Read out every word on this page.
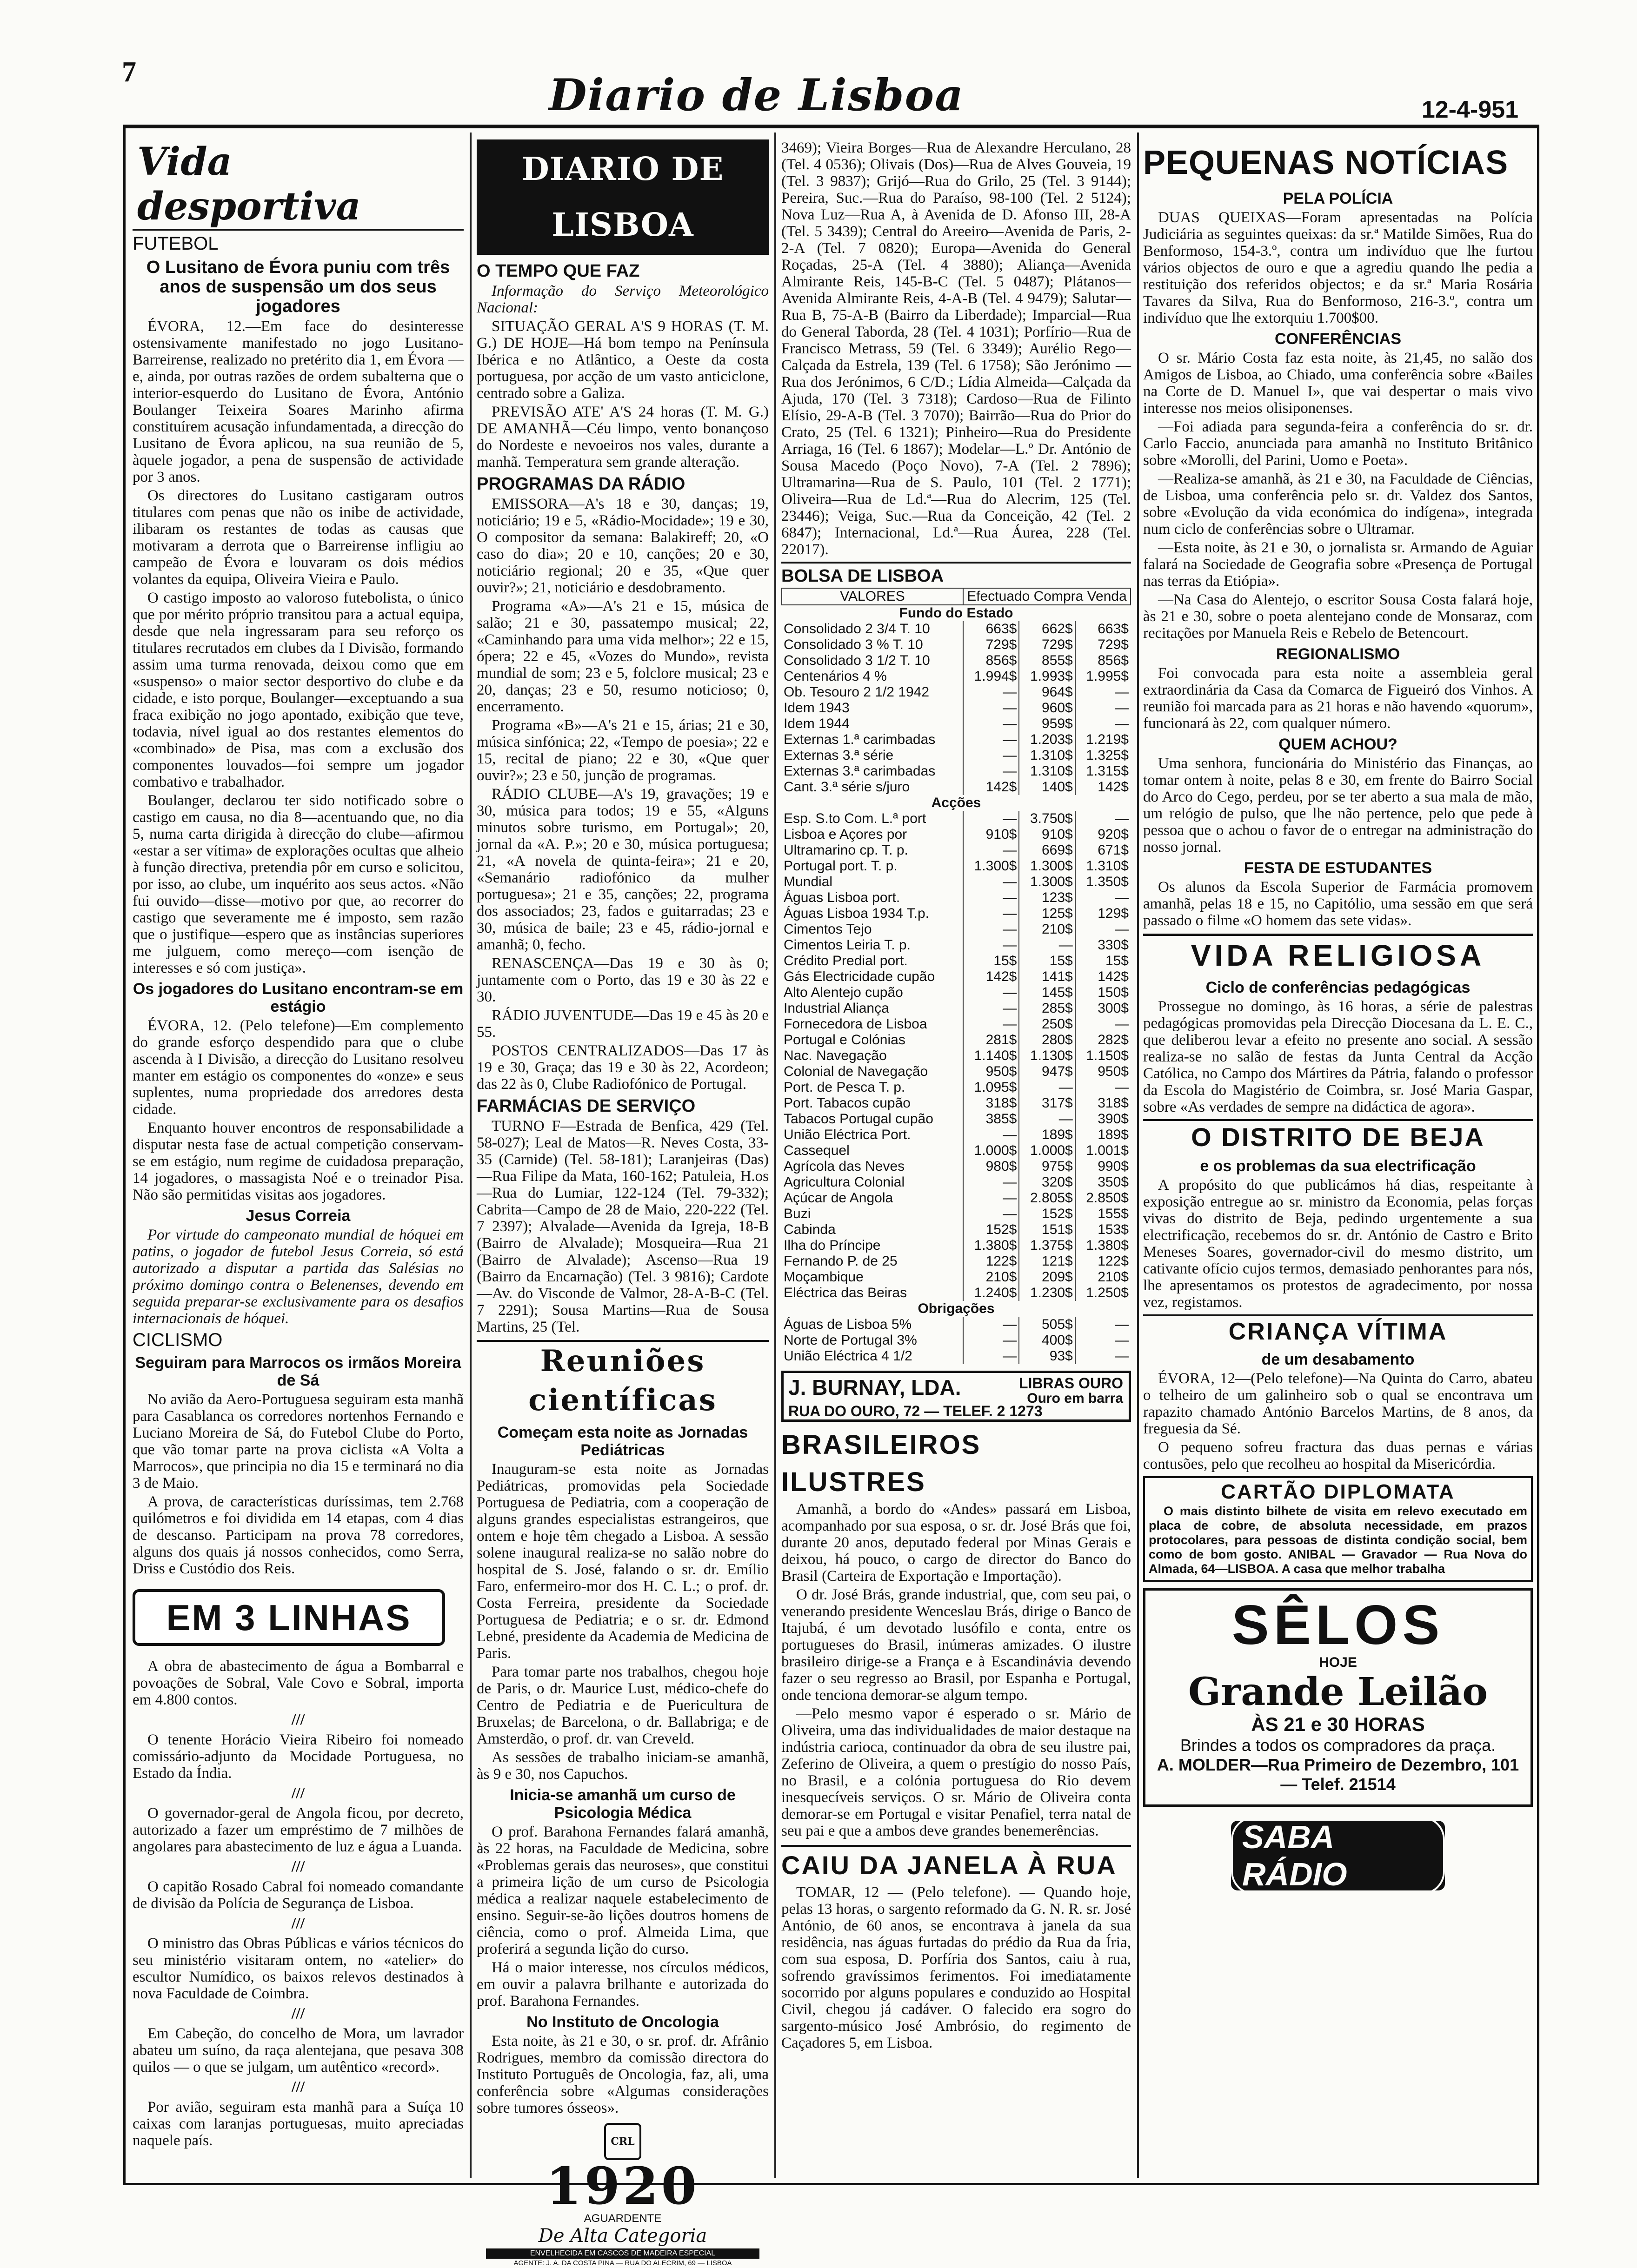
7	Diario de Lisboa	12-4-951
Vida desportiva
FUTEBOL
O Lusitano de Évora puniu com três anos de suspensão um dos seus jogadores

ÉVORA, 12.—Em face do desinteresse ostensivamente manifestado no jogo Lusitano-Barreirense, realizado no pretérito dia 1, em Évora —e, ainda, por outras razões de ordem subalterna que o interior-esquerdo do Lusitano de Évora, António Boulanger Teixeira Soares Marinho afirma constituírem acusação infundamentada, a direcção do Lusitano de Évora aplicou, na sua reunião de 5, àquele jogador, a pena de suspensão de actividade por 3 anos.

Os directores do Lusitano castigaram outros titulares com penas que não os inibe de actividade, ilibaram os restantes de todas as causas que motivaram a derrota que o Barreirense infligiu ao campeão de Évora e louvaram os dois médios volantes da equipa, Oliveira Vieira e Paulo.

O castigo imposto ao valoroso futebolista, o único que por mérito próprio transitou para a actual equipa, desde que nela ingressaram para seu reforço os titulares recrutados em clubes da I Divisão, formando assim uma turma renovada, deixou como que em «suspenso» o maior sector desportivo do clube e da cidade, e isto porque, Boulanger—exceptuando a sua fraca exibição no jogo apontado, exibição que teve, todavia, nível igual ao dos restantes elementos do «combinado» de Pisa, mas com a exclusão dos componentes louvados—foi sempre um jogador combativo e trabalhador.

Boulanger, declarou ter sido notificado sobre o castigo em causa, no dia 8—acentuando que, no dia 5, numa carta dirigida à direcção do clube—afirmou «estar a ser vítima» de explorações ocultas que alheio à função directiva, pretendia pôr em curso e solicitou, por isso, ao clube, um inquérito aos seus actos. «Não fui ouvido—disse—motivo por que, ao recorrer do castigo que severamente me é imposto, sem razão que o justifique—espero que as instâncias superiores me julguem, como mereço—com isenção de interesses e só com justiça».

Os jogadores do Lusitano encontram-se em estágio

ÉVORA, 12. (Pelo telefone)—Em complemento do grande esforço despendido para que o clube ascenda à I Divisão, a direcção do Lusitano resolveu manter em estágio os componentes do «onze» e seus suplentes, numa propriedade dos arredores desta cidade.

Enquanto houver encontros de responsabilidade a disputar nesta fase de actual competição conservam-se em estágio, num regime de cuidadosa preparação, 14 jogadores, o massagista Noé e o treinador Pisa. Não são permitidas visitas aos jogadores.

Jesus Correia

Por virtude do campeonato mundial de hóquei em patins, o jogador de futebol Jesus Correia, só está autorizado a disputar a partida das Salésias no próximo domingo contra o Belenenses, devendo em seguida preparar-se exclusivamente para os desafios internacionais de hóquei.

CICLISMO
Seguiram para Marrocos os irmãos Moreira de Sá

No avião da Aero-Portuguesa seguiram esta manhã para Casablanca os corredores nortenhos Fernando e Luciano Moreira de Sá, do Futebol Clube do Porto, que vão tomar parte na prova ciclista «A Volta a Marrocos», que principia no dia 15 e terminará no dia 3 de Maio.

A prova, de características duríssimas, tem 2.768 quilómetros e foi dividida em 14 etapas, com 4 dias de descanso. Participam na prova 78 corredores, alguns dos quais já nossos conhecidos, como Serra, Driss e Custódio dos Reis.

EM 3 LINHAS

A obra de abastecimento de água a Bombarral e povoações de Sobral, Vale Covo e Sobral, importa em 4.800 contos.

///

O tenente Horácio Vieira Ribeiro foi nomeado comissário-adjunto da Mocidade Portuguesa, no Estado da Índia.

///

O governador-geral de Angola ficou, por decreto, autorizado a fazer um empréstimo de 7 milhões de angolares para abastecimento de luz e água a Luanda.

///

O capitão Rosado Cabral foi nomeado comandante de divisão da Polícia de Segurança de Lisboa.

///

O ministro das Obras Públicas e vários técnicos do seu ministério visitaram ontem, no «atelier» do escultor Numídico, os baixos relevos destinados à nova Faculdade de Coimbra.

///

Em Cabeção, do concelho de Mora, um lavrador abateu um suíno, da raça alentejana, que pesava 308 quilos — o que se julgam, um autêntico «record».

///

Por avião, seguiram esta manhã para a Suíça 10 caixas com laranjas portuguesas, muito apreciadas naquele país.

DIARIO DE LISBOA
O TEMPO QUE FAZ

Informação do Serviço Meteorológico Nacional:

SITUAÇÃO GERAL A'S 9 HORAS (T. M. G.) DE HOJE—Há bom tempo na Península Ibérica e no Atlântico, a Oeste da costa portuguesa, por acção de um vasto anticiclone, centrado sobre a Galiza.

PREVISÃO ATE' A'S 24 horas (T. M. G.) DE AMANHÃ—Céu limpo, vento bonançoso do Nordeste e nevoeiros nos vales, durante a manhã. Temperatura sem grande alteração.

PROGRAMAS DA RÁDIO

EMISSORA—A's 18 e 30, danças; 19, noticiário; 19 e 5, «Rádio-Mocidade»; 19 e 30, O compositor da semana: Balakireff; 20, «O caso do dia»; 20 e 10, canções; 20 e 30, noticiário regional; 20 e 35, «Que quer ouvir?»; 21, noticiário e desdobramento.

Programa «A»—A's 21 e 15, música de salão; 21 e 30, passatempo musical; 22, «Caminhando para uma vida melhor»; 22 e 15, ópera; 22 e 45, «Vozes do Mundo», revista mundial de som; 23 e 5, folclore musical; 23 e 20, danças; 23 e 50, resumo noticioso; 0, encerramento.

Programa «B»—A's 21 e 15, árias; 21 e 30, música sinfónica; 22, «Tempo de poesia»; 22 e 15, recital de piano; 22 e 30, «Que quer ouvir?»; 23 e 50, junção de programas.

RÁDIO CLUBE—A's 19, gravações; 19 e 30, música para todos; 19 e 55, «Alguns minutos sobre turismo, em Portugal»; 20, jornal da «A. P.»; 20 e 30, música portuguesa; 21, «A novela de quinta-feira»; 21 e 20, «Semanário radiofónico da mulher portuguesa»; 21 e 35, canções; 22, programa dos associados; 23, fados e guitarradas; 23 e 30, música de baile; 23 e 45, rádio-jornal e amanhã; 0, fecho.

RENASCENÇA—Das 19 e 30 às 0; juntamente com o Porto, das 19 e 30 às 22 e 30.

RÁDIO JUVENTUDE—Das 19 e 45 às 20 e 55.

POSTOS CENTRALIZADOS—Das 17 às 19 e 30, Graça; das 19 e 30 às 22, Acordeon; das 22 às 0, Clube Radiofónico de Portugal.

FARMÁCIAS DE SERVIÇO

TURNO F—Estrada de Benfica, 429 (Tel. 58-027); Leal de Matos—R. Neves Costa, 33-35 (Carnide) (Tel. 58-181); Laranjeiras (Das)—Rua Filipe da Mata, 160-162; Patuleia, H.os—Rua do Lumiar, 122-124 (Tel. 79-332); Cabrita—Campo de 28 de Maio, 220-222 (Tel. 7 2397); Alvalade—Avenida da Igreja, 18-B (Bairro de Alvalade); Mosqueira—Rua 21 (Bairro de Alvalade); Ascenso—Rua 19 (Bairro da Encarnação) (Tel. 3 9816); Cardote—Av. do Visconde de Valmor, 28-A-B-C (Tel. 7 2291); Sousa Martins—Rua de Sousa Martins, 25 (Tel.

Reuniões científicas
Começam esta noite as Jornadas Pediátricas

Inauguram-se esta noite as Jornadas Pediátricas, promovidas pela Sociedade Portuguesa de Pediatria, com a cooperação de alguns grandes especialistas estrangeiros, que ontem e hoje têm chegado a Lisboa. A sessão solene inaugural realiza-se no salão nobre do hospital de S. José, falando o sr. dr. Emílio Faro, enfermeiro-mor dos H. C. L.; o prof. dr. Costa Ferreira, presidente da Sociedade Portuguesa de Pediatria; e o sr. dr. Edmond Lebné, presidente da Academia de Medicina de Paris.

Para tomar parte nos trabalhos, chegou hoje de Paris, o dr. Maurice Lust, médico-chefe do Centro de Pediatria e de Puericultura de Bruxelas; de Barcelona, o dr. Ballabriga; e de Amsterdão, o prof. dr. van Creveld.

As sessões de trabalho iniciam-se amanhã, às 9 e 30, nos Capuchos.

Inicia-se amanhã um curso de Psicologia Médica

O prof. Barahona Fernandes falará amanhã, às 22 horas, na Faculdade de Medicina, sobre «Problemas gerais das neuroses», que constitui a primeira lição de um curso de Psicologia médica a realizar naquele estabelecimento de ensino. Seguir-se-ão lições doutros homens de ciência, como o prof. Almeida Lima, que proferirá a segunda lição do curso.

Há o maior interesse, nos círculos médicos, em ouvir a palavra brilhante e autorizada do prof. Barahona Fernandes.

No Instituto de Oncologia

Esta noite, às 21 e 30, o sr. prof. dr. Afrânio Rodrigues, membro da comissão directora do Instituto Português de Oncologia, faz, ali, uma conferência sobre «Algumas considerações sobre tumores ósseos».

CRL
1920
AGUARDENTE
De Alta Categoria
ENVELHECIDA EM CASCOS DE MADEIRA ESPECIAL
AGENTE: J. A. DA COSTA PINA — RUA DO ALECRIM, 69 — LISBOA

3469); Vieira Borges—Rua de Alexandre Herculano, 28 (Tel. 4 0536); Olivais (Dos)—Rua de Alves Gouveia, 19 (Tel. 3 9837); Grijó—Rua do Grilo, 25 (Tel. 3 9144); Pereira, Suc.—Rua do Paraíso, 98-100 (Tel. 2 5124); Nova Luz—Rua A, à Avenida de D. Afonso III, 28-A (Tel. 5 3439); Central do Areeiro—Avenida de Paris, 2-2-A (Tel. 7 0820); Europa—Avenida do General Roçadas, 25-A (Tel. 4 3880); Aliança—Avenida Almirante Reis, 145-B-C (Tel. 5 0487); Plátanos—Avenida Almirante Reis, 4-A-B (Tel. 4 9479); Salutar—Rua B, 75-A-B (Bairro da Liberdade); Imparcial—Rua do General Taborda, 28 (Tel. 4 1031); Porfírio—Rua de Francisco Metrass, 59 (Tel. 6 3349); Aurélio Rego—Calçada da Estrela, 139 (Tel. 6 1758); São Jerónimo — Rua dos Jerónimos, 6 C/D.; Lídia Almeida—Calçada da Ajuda, 170 (Tel. 3 7318); Cardoso—Rua de Filinto Elísio, 29-A-B (Tel. 3 7070); Bairrão—Rua do Prior do Crato, 25 (Tel. 6 1321); Pinheiro—Rua do Presidente Arriaga, 16 (Tel. 6 1867); Modelar—L.º Dr. António de Sousa Macedo (Poço Novo), 7-A (Tel. 2 7896); Ultramarina—Rua de S. Paulo, 101 (Tel. 2 1771); Oliveira—Rua de Ld.ª—Rua do Alecrim, 125 (Tel. 23446); Veiga, Suc.—Rua da Conceição, 42 (Tel. 2 6847); Internacional, Ld.ª—Rua Áurea, 228 (Tel. 22017).

BOLSA DE LISBOA
VALORES	Efectuado Compra Venda		
Fundo do Estado			
Consolidado 2 3/4 T. 10	663$	662$	663$
Consolidado 3 % T. 10	729$	729$	729$
Consolidado 3 1/2 T. 10	856$	855$	856$
Centenários 4 %	1.994$	1.993$	1.995$
Ob. Tesouro 2 1/2 1942	—	964$	—
Idem 1943	—	960$	—
Idem 1944	—	959$	—
Externas 1.ª carimbadas	—	1.203$	1.219$
Externas 3.ª série	—	1.310$	1.325$
Externas 3.ª carimbadas	—	1.310$	1.315$
Cant. 3.ª série s/juro	142$	140$	142$
Acções			
Esp. S.to Com. L.ª port	—	3.750$	—
Lisboa e Açores por	910$	910$	920$
Ultramarino cp. T. p.	—	669$	671$
Portugal port. T. p.	1.300$	1.300$	1.310$
Mundial	—	1.300$	1.350$
Águas Lisboa port.	—	123$	—
Águas Lisboa 1934 T.p.	—	125$	129$
Cimentos Tejo	—	210$	—
Cimentos Leiria T. p.	—	—	330$
Crédito Predial port.	15$	15$	15$
Gás Electricidade cupão	142$	141$	142$
Alto Alentejo cupão	—	145$	150$
Industrial Aliança	—	285$	300$
Fornecedora de Lisboa	—	250$	—
Portugal e Colónias	281$	280$	282$
Nac. Navegação	1.140$	1.130$	1.150$
Colonial de Navegação	950$	947$	950$
Port. de Pesca T. p.	1.095$	—	—
Port. Tabacos cupão	318$	317$	318$
Tabacos Portugal cupão	385$	—	390$
União Eléctrica Port.	—	189$	189$
Cassequel	1.000$	1.000$	1.001$
Agrícola das Neves	980$	975$	990$
Agricultura Colonial	—	320$	350$
Açúcar de Angola	—	2.805$	2.850$
Buzi	—	152$	155$
Cabinda	152$	151$	153$
Ilha do Príncipe	1.380$	1.375$	1.380$
Fernando P. de 25	122$	121$	122$
Moçambique	210$	209$	210$
Eléctrica das Beiras	1.240$	1.230$	1.250$
Obrigações			
Águas de Lisboa 5%	—	505$	—
Norte de Portugal 3%	—	400$	—
União Eléctrica 4 1/2	—	93$	—
J. BURNAY, LDA.	LIBRAS OURO
Ouro em barra
RUA DO OURO, 72 — TELEF. 2 1273
BRASILEIROS ILUSTRES

Amanhã, a bordo do «Andes» passará em Lisboa, acompanhado por sua esposa, o sr. dr. José Brás que foi, durante 20 anos, deputado federal por Minas Gerais e deixou, há pouco, o cargo de director do Banco do Brasil (Carteira de Exportação e Importação).

O dr. José Brás, grande industrial, que, com seu pai, o venerando presidente Wenceslau Brás, dirige o Banco de Itajubá, é um devotado lusófilo e conta, entre os portugueses do Brasil, inúmeras amizades. O ilustre brasileiro dirige-se a França e à Escandinávia devendo fazer o seu regresso ao Brasil, por Espanha e Portugal, onde tenciona demorar-se algum tempo.

—Pelo mesmo vapor é esperado o sr. Mário de Oliveira, uma das individualidades de maior destaque na indústria carioca, continuador da obra de seu ilustre pai, Zeferino de Oliveira, a quem o prestígio do nosso País, no Brasil, e a colónia portuguesa do Rio devem inesquecíveis serviços. O sr. Mário de Oliveira conta demorar-se em Portugal e visitar Penafiel, terra natal de seu pai e que a ambos deve grandes benemerências.

CAIU DA JANELA À RUA

TOMAR, 12 — (Pelo telefone). — Quando hoje, pelas 13 horas, o sargento reformado da G. N. R. sr. José António, de 60 anos, se encontrava à janela da sua residência, nas águas furtadas do prédio da Rua da Íria, com sua esposa, D. Porfíria dos Santos, caiu à rua, sofrendo gravíssimos ferimentos. Foi imediatamente socorrido por alguns populares e conduzido ao Hospital Civil, chegou já cadáver. O falecido era sogro do sargento-músico José Ambrósio, do regimento de Caçadores 5, em Lisboa.

PEQUENAS NOTÍCIAS
PELA POLÍCIA

DUAS QUEIXAS—Foram apresentadas na Polícia Judiciária as seguintes queixas: da sr.ª Matilde Simões, Rua do Benformoso, 154-3.º, contra um indivíduo que lhe furtou vários objectos de ouro e que a agrediu quando lhe pedia a restituição dos referidos objectos; e da sr.ª Maria Rosária Tavares da Silva, Rua do Benformoso, 216-3.º, contra um indivíduo que lhe extorquiu 1.700$00.

CONFERÊNCIAS

O sr. Mário Costa faz esta noite, às 21,45, no salão dos Amigos de Lisboa, ao Chiado, uma conferência sobre «Bailes na Corte de D. Manuel I», que vai despertar o mais vivo interesse nos meios olisiponenses.

—Foi adiada para segunda-feira a conferência do sr. dr. Carlo Faccio, anunciada para amanhã no Instituto Britânico sobre «Morolli, del Parini, Uomo e Poeta».

—Realiza-se amanhã, às 21 e 30, na Faculdade de Ciências, de Lisboa, uma conferência pelo sr. dr. Valdez dos Santos, sobre «Evolução da vida económica do indígena», integrada num ciclo de conferências sobre o Ultramar.

—Esta noite, às 21 e 30, o jornalista sr. Armando de Aguiar falará na Sociedade de Geografia sobre «Presença de Portugal nas terras da Etiópia».

—Na Casa do Alentejo, o escritor Sousa Costa falará hoje, às 21 e 30, sobre o poeta alentejano conde de Monsaraz, com recitações por Manuela Reis e Rebelo de Betencourt.

REGIONALISMO

Foi convocada para esta noite a assembleia geral extraordinária da Casa da Comarca de Figueiró dos Vinhos. A reunião foi marcada para as 21 horas e não havendo «quorum», funcionará às 22, com qualquer número.

QUEM ACHOU?

Uma senhora, funcionária do Ministério das Finanças, ao tomar ontem à noite, pelas 8 e 30, em frente do Bairro Social do Arco do Cego, perdeu, por se ter aberto a sua mala de mão, um relógio de pulso, que lhe não pertence, pelo que pede à pessoa que o achou o favor de o entregar na administração do nosso jornal.

FESTA DE ESTUDANTES

Os alunos da Escola Superior de Farmácia promovem amanhã, pelas 18 e 15, no Capitólio, uma sessão em que será passado o filme «O homem das sete vidas».

VIDA RELIGIOSA
Ciclo de conferências pedagógicas

Prossegue no domingo, às 16 horas, a série de palestras pedagógicas promovidas pela Direcção Diocesana da L. E. C., que deliberou levar a efeito no presente ano social. A sessão realiza-se no salão de festas da Junta Central da Acção Católica, no Campo dos Mártires da Pátria, falando o professor da Escola do Magistério de Coimbra, sr. José Maria Gaspar, sobre «As verdades de sempre na didáctica de agora».

O DISTRITO DE BEJA
e os problemas da sua electrificação

A propósito do que publicámos há dias, respeitante à exposição entregue ao sr. ministro da Economia, pelas forças vivas do distrito de Beja, pedindo urgentemente a sua electrificação, recebemos do sr. dr. António de Castro e Brito Meneses Soares, governador-civil do mesmo distrito, um cativante ofício cujos termos, demasiado penhorantes para nós, lhe apresentamos os protestos de agradecimento, por nossa vez, registamos.

CRIANÇA VÍTIMA
de um desabamento

ÉVORA, 12—(Pelo telefone)—Na Quinta do Carro, abateu o telheiro de um galinheiro sob o qual se encontrava um rapazito chamado António Barcelos Martins, de 8 anos, da freguesia da Sé.

O pequeno sofreu fractura das duas pernas e várias contusões, pelo que recolheu ao hospital da Misericórdia.

CARTÃO DIPLOMATA

O mais distinto bilhete de visita em relevo executado em placa de cobre, de absoluta necessidade, em prazos protocolares, para pessoas de distinta condição social, bem como de bom gosto. ANIBAL — Gravador — Rua Nova do Almada, 64—LISBOA. A casa que melhor trabalha

SÊLOS
HOJE
Grande Leilão
ÀS 21 e 30 HORAS
Brindes a todos os compradores da praça.
A. MOLDER—Rua Primeiro de Dezembro, 101 — Telef. 21514
SABA RÁDIO
